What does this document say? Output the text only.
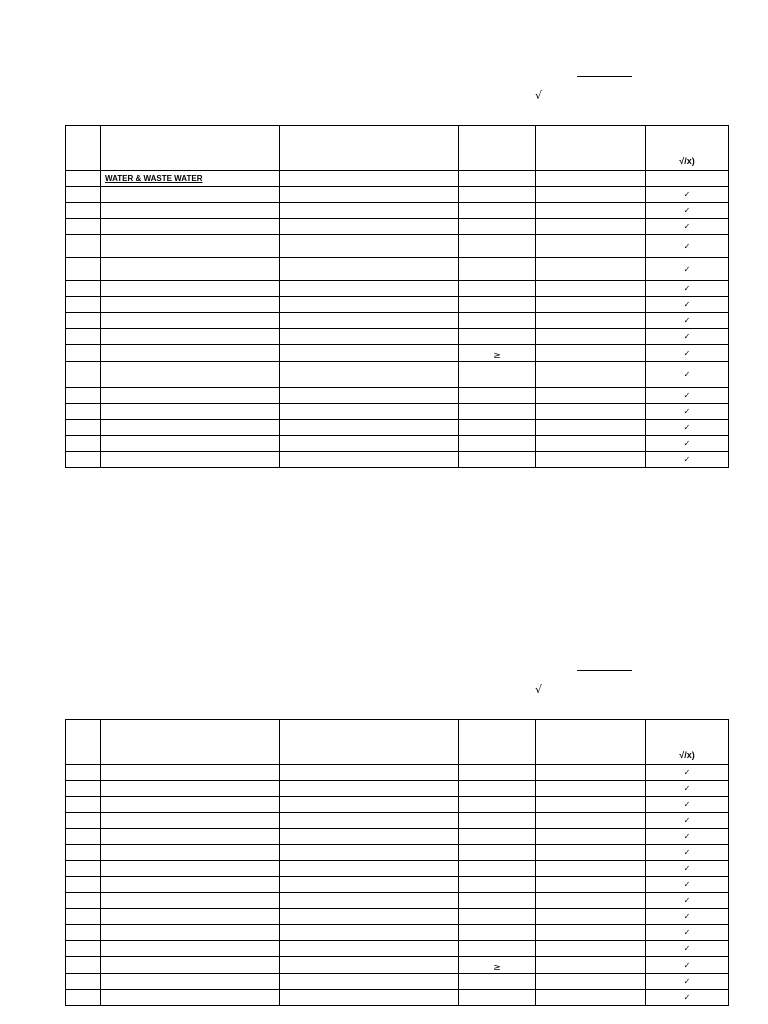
√

					√/x)

	WATER & WASTE WATER				

					✓

					✓

					✓

					✓

					✓

					✓

					✓

					✓

					✓

			≥		✓

					✓

					✓

					✓

					✓

					✓

					✓
√

					√/x)

					✓

					✓

					✓

					✓

					✓

					✓

					✓

					✓

					✓

					✓

					✓

					✓

			≥		✓

					✓

					✓
